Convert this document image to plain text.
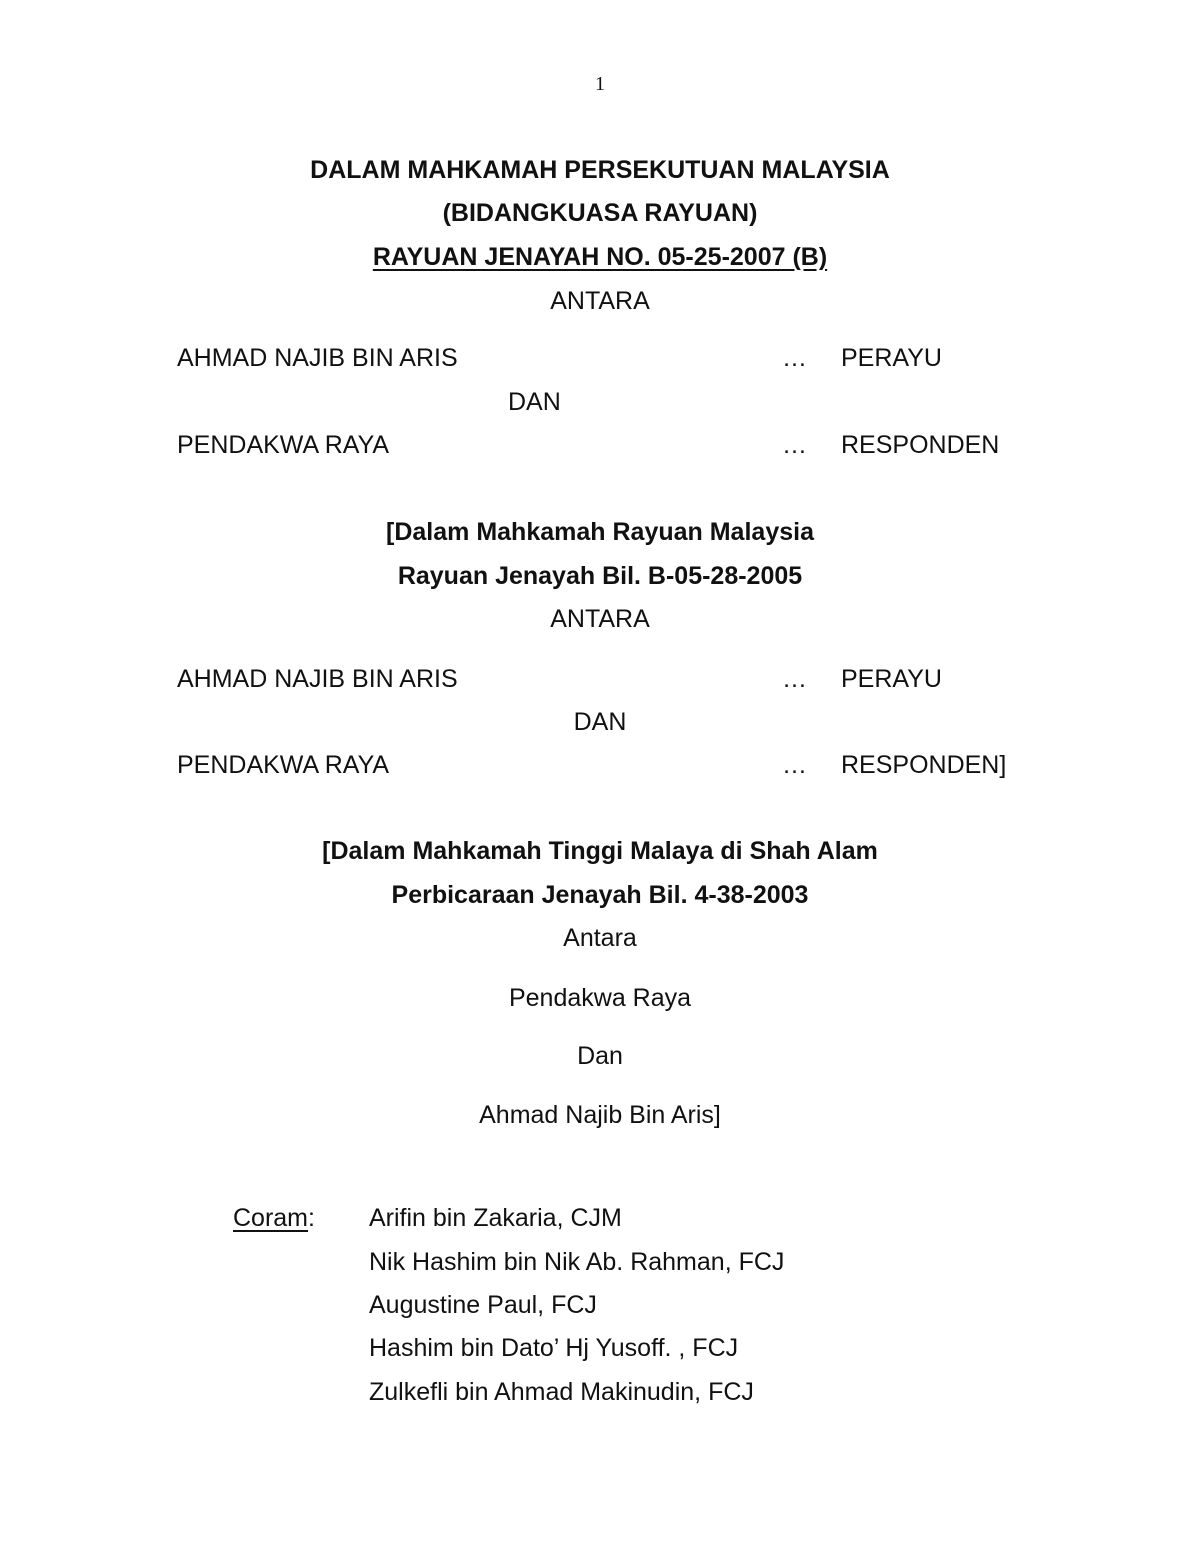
1
DALAM MAHKAMAH PERSEKUTUAN MALAYSIA
(BIDANGKUASA RAYUAN)
RAYUAN JENAYAH NO. 05-25-2007 (B)
ANTARA
AHMAD NAJIB BIN ARIS	… PERAYU
DAN
PENDAKWA RAYA	… RESPONDEN
[Dalam Mahkamah Rayuan Malaysia
Rayuan Jenayah Bil. B-05-28-2005
ANTARA
AHMAD NAJIB BIN ARIS	… PERAYU
DAN
PENDAKWA RAYA	… RESPONDEN]
[Dalam Mahkamah Tinggi Malaya di Shah Alam
Perbicaraan Jenayah Bil. 4-38-2003
Antara
Pendakwa Raya
Dan
Ahmad Najib Bin Aris]
Coram: Arifin bin Zakaria, CJM
Nik Hashim bin Nik Ab. Rahman, FCJ
Augustine Paul, FCJ
Hashim bin Dato’ Hj Yusoff. , FCJ
Zulkefli bin Ahmad Makinudin, FCJ
